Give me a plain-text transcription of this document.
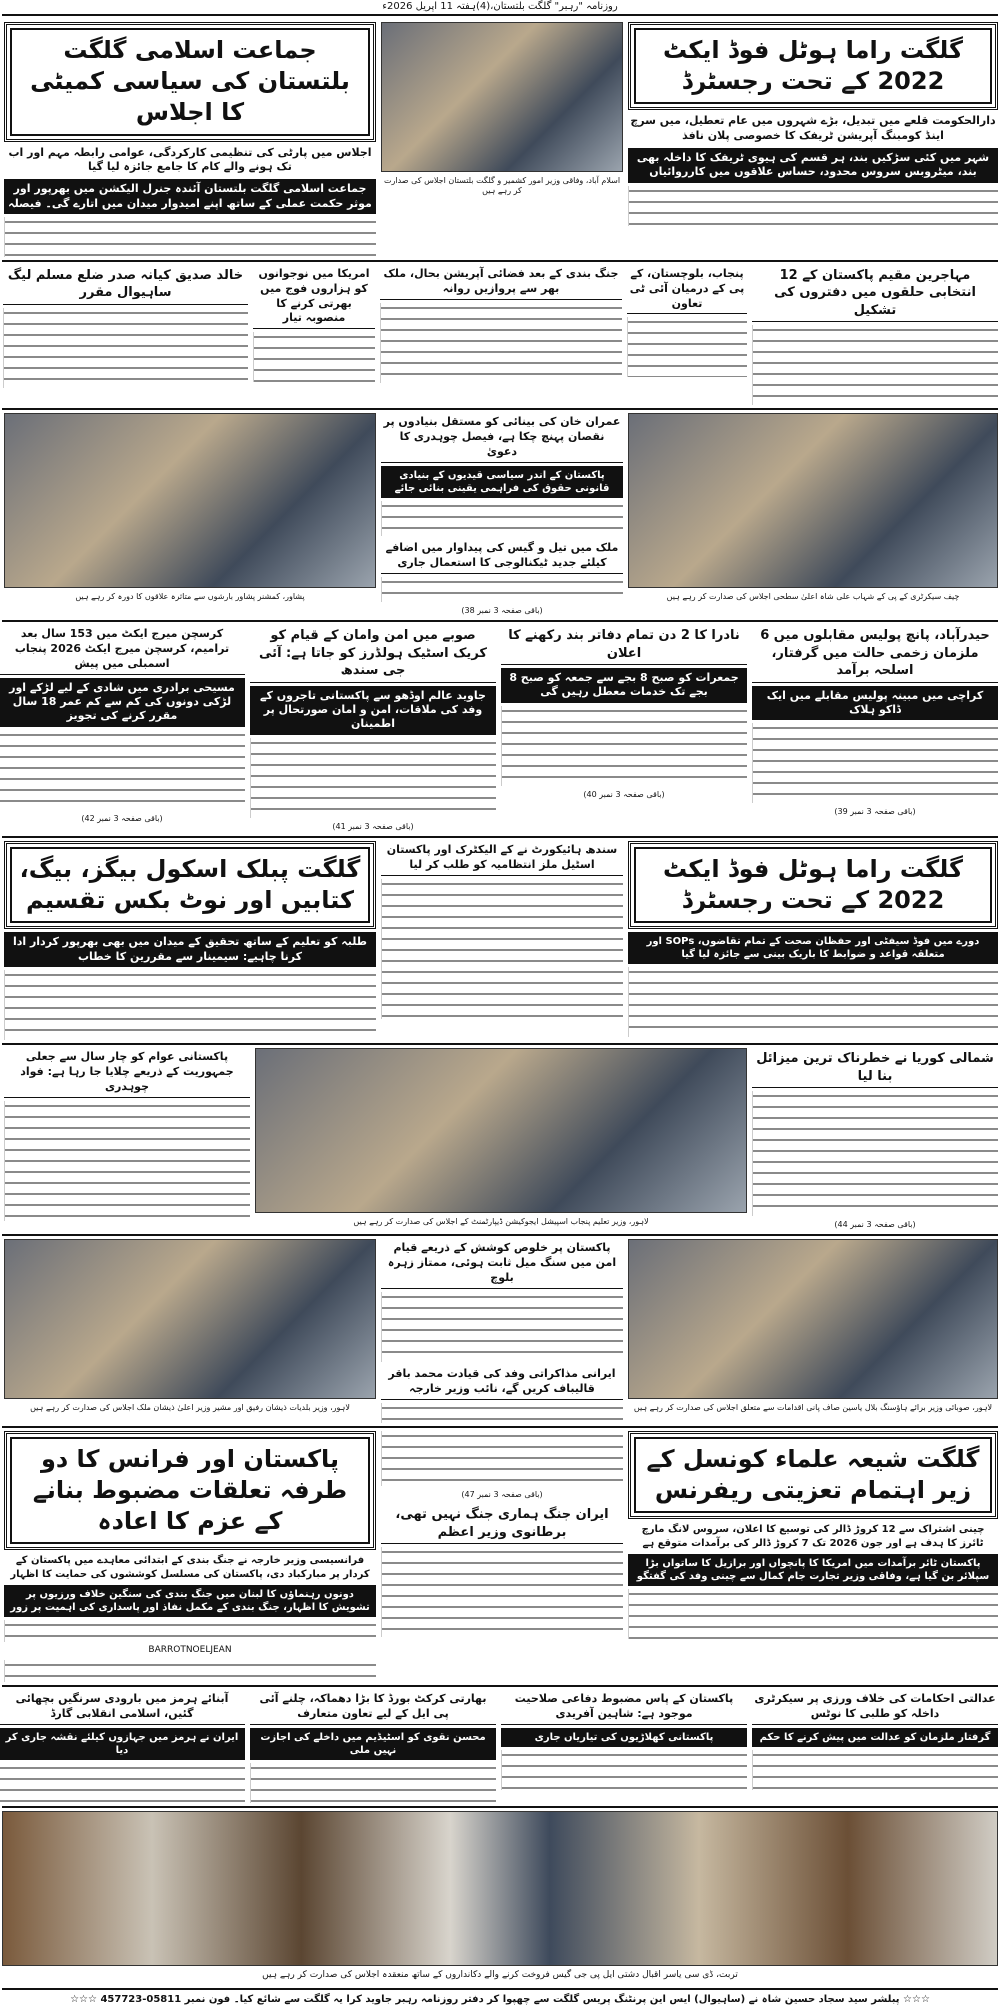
روزنامہ "رہبر" گلگت بلتستان،(4)ہفتہ 11 اپریل 2026ء
گلگت راما ہوٹل فوڈ ایکٹ 2022 کے تحت رجسٹرڈ
دارالحکومت قلعے میں تبدیل، بڑے شہروں میں عام تعطیل، میں سرچ اینڈ کومبنگ آپریشن ٹریفک کا خصوصی پلان نافذ
شہر میں کئی سڑکیں بند، ہر قسم کی ہیوی ٹریفک کا داخلہ بھی بند، میٹروبس سروس محدود، حساس علاقوں میں کارروائیاں
اسلام آباد، وفاقی وزیر امور کشمیر و گلگت بلتستان اجلاس کی صدارت کر رہے ہیں
جماعت اسلامی گلگت بلتستان کی سیاسی کمیٹی کا اجلاس
اجلاس میں پارٹی کی تنظیمی کارکردگی، عوامی رابطہ مہم اور اب تک ہونے والے کام کا جامع جائزہ لیا گیا
جماعت اسلامی گلگت بلتستان آئندہ جنرل الیکشن میں بھرپور اور موثر حکمت عملی کے ساتھ اپنے امیدوار میدان میں اتارے گی۔ فیصلہ
مہاجرین مقیم پاکستان کے 12 انتخابی حلقوں میں دفتروں کی تشکیل
پنجاب، بلوچستان، کے پی کے درمیان آئی ٹی تعاون
جنگ بندی کے بعد فضائی آپریشن بحال، ملک بھر سے پروازیں روانہ
امریکا میں نوجوانوں کو ہزاروں فوج میں بھرتی کرنے کا منصوبہ تیار
خالد صدیق کیانہ صدر ضلع مسلم لیگ ساہیوال مقرر
چیف سیکرٹری کے پی کے شہاب علی شاہ اعلیٰ سطحی اجلاس کی صدارت کر رہے ہیں
عمران خان کی بینائی کو مستقل بنیادوں پر نقصان پہنچ چکا ہے، فیصل چوہدری کا دعویٰ
پاکستان کے اندر سیاسی قیدیوں کے بنیادی قانونی حقوق کی فراہمی یقینی بنائی جائے
ملک میں تیل و گیس کی پیداوار میں اضافے کیلئے جدید ٹیکنالوجی کا استعمال جاری
(باقی صفحہ 3 نمبر 38)
پشاور، کمشنر پشاور بارشوں سے متاثرہ علاقوں کا دورہ کر رہے ہیں
حیدرآباد، پانچ پولیس مقابلوں میں 6 ملزمان زخمی حالت میں گرفتار، اسلحہ برآمد
کراچی میں مبینہ پولیس مقابلے میں ایک ڈاکو ہلاک
(باقی صفحہ 3 نمبر 39)
نادرا کا 2 دن تمام دفاتر بند رکھنے کا اعلان
جمعرات کو صبح 8 بجے سے جمعہ کو صبح 8 بجے تک خدمات معطل رہیں گی
(باقی صفحہ 3 نمبر 40)
صوبے میں امن وامان کے قیام کو کریک اسٹیک ہولڈرز کو جاتا ہے: آئی جی سندھ
جاوید عالم اوڈھو سے پاکستانی تاجروں کے وفد کی ملاقات، امن و امان صورتحال پر اطمینان
(باقی صفحہ 3 نمبر 41)
کرسچن میرج ایکٹ میں 153 سال بعد ترامیم، کرسچن میرج ایکٹ 2026 پنجاب اسمبلی میں پیش
مسیحی برادری میں شادی کے لیے لڑکے اور لڑکی دونوں کی کم سے کم عمر 18 سال مقرر کرنے کی تجویز
(باقی صفحہ 3 نمبر 42)
گلگت راما ہوٹل فوڈ ایکٹ 2022 کے تحت رجسٹرڈ
دورے میں فوڈ سیفٹی اور حفظان صحت کے تمام تقاضوں، SOPs اور متعلقہ قواعد و ضوابط کا باریک بینی سے جائزہ لیا گیا
سندھ ہائیکورٹ نے کے الیکٹرک اور پاکستان اسٹیل ملز انتظامیہ کو طلب کر لیا
گلگت پبلک اسکول بیگز، بیگ، کتابیں اور نوٹ بکس تقسیم
طلبہ کو تعلیم کے ساتھ تحقیق کے میدان میں بھی بھرپور کردار ادا کرنا چاہیے: سیمینار سے مقررین کا خطاب
شمالی کوریا نے خطرناک ترین میزائل بنا لیا
(باقی صفحہ 3 نمبر 44)
لاہور، وزیر تعلیم پنجاب اسپیشل ایجوکیشن ڈیپارٹمنٹ کے اجلاس کی صدارت کر رہے ہیں
پاکستانی عوام کو چار سال سے جعلی جمہوریت کے ذریعے چلایا جا رہا ہے: فواد چوہدری
لاہور، صوبائی وزیر برائے ہاؤسنگ بلال یاسین صاف پانی اقدامات سے متعلق اجلاس کی صدارت کر رہے ہیں
پاکستان پر خلوص کوشش کے ذریعے قیام امن میں سنگ میل ثابت ہوئی، ممتاز زہرہ بلوچ
ایرانی مذاکراتی وفد کی قیادت محمد باقر قالیباف کریں گے، نائب وزیر خارجہ
لاہور، وزیر بلدیات ذیشان رفیق اور مشیر وزیر اعلیٰ ذیشان ملک اجلاس کی صدارت کر رہے ہیں
گلگت شیعہ علماء کونسل کے زیر اہتمام تعزیتی ریفرنس
چینی اشتراک سے 12 کروڑ ڈالر کی توسیع کا اعلان، سروس لانگ مارچ ٹائرز کا ہدف ہے اور جون 2026 تک 7 کروڑ ڈالر کی برآمدات متوقع ہے
پاکستان ٹائر برآمدات میں امریکا کا پانچواں اور برازیل کا ساتواں بڑا سپلائر بن گیا ہے، وفاقی وزیر تجارت جام کمال سے چینی وفد کی گفتگو
(باقی صفحہ 3 نمبر 47)
ایران جنگ ہماری جنگ نہیں تھی، برطانوی وزیر اعظم
پاکستان اور فرانس کا دو طرفہ تعلقات مضبوط بنانے کے عزم کا اعادہ
فرانسیسی وزیر خارجہ نے جنگ بندی کے ابتدائی معاہدے میں پاکستان کے کردار پر مبارکباد دی، پاکستان کی مسلسل کوششوں کی حمایت کا اظہار
دونوں رہنماؤں کا لبنان میں جنگ بندی کی سنگین خلاف ورزیوں پر تشویش کا اظہار، جنگ بندی کے مکمل نفاذ اور پاسداری کی اہمیت پر زور
BARROTNOELJEAN
عدالتی احکامات کی خلاف ورزی پر سیکرٹری داخلہ کو طلبی کا نوٹس
گرفتار ملزمان کو عدالت میں پیش کرنے کا حکم
پاکستان کے پاس مضبوط دفاعی صلاحیت موجود ہے: شاہین آفریدی
پاکستانی کھلاڑیوں کی تیاریاں جاری
بھارتی کرکٹ بورڈ کا بڑا دھماکہ، چلنے آئی پی ایل کے لیے تعاون متعارف
محسن نقوی کو اسٹیڈیم میں داخلے کی اجازت نہیں ملی
آبنائے ہرمز میں بارودی سرنگیں بچھائی گئیں، اسلامی انقلابی گارڈ
ایران نے ہرمز میں جہازوں کیلئے نقشہ جاری کر دیا
تربت، ڈی سی یاسر اقبال دشتی ایل پی جی گیس فروخت کرنے والے دکانداروں کے ساتھ منعقدہ اجلاس کی صدارت کر رہے ہیں
☆☆☆ پبلشر سید سجاد حسین شاہ نے (ساہیوال) ایس این پرنٹنگ پریس گلگت سے چھپوا کر دفتر روزنامہ رہبر جاوید کرا یہ گلگت سے شائع کیا۔ فون نمبر 05811-457723 ☆☆☆
